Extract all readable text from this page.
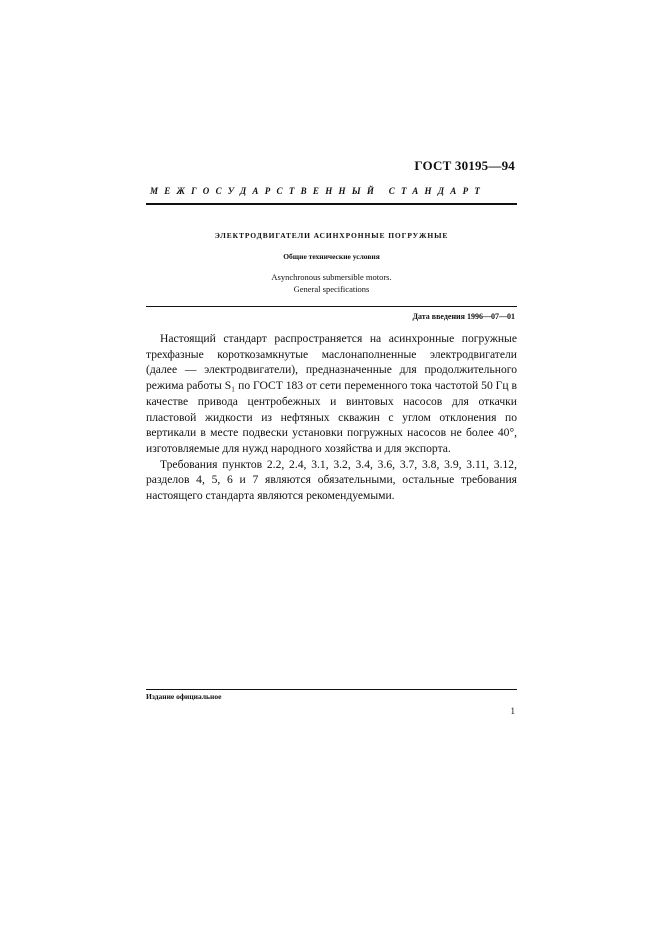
ГОСТ 30195—94
МЕЖГОСУДАРСТВЕННЫЙ СТАНДАРТ
ЭЛЕКТРОДВИГАТЕЛИ АСИНХРОННЫЕ ПОГРУЖНЫЕ
Общие технические условия
Asynchronous submersible motors.
General specifications
Дата введения 1996—07—01

Настоящий стандарт распространяется на асинхронные погружные трехфазные короткозамкнутые маслонаполненные электродвигатели (далее — электродвигатели), предназначенные для продолжительного режима работы S₁ по ГОСТ 183 от сети переменного тока частотой 50 Гц в качестве привода центробежных и винтовых насосов для откачки пластовой жидкости из нефтяных скважин с углом отклонения по вертикали в месте подвески установки погружных насосов не более 40°, изготовляемые для нужд народного хозяйства и для экспорта.

Требования пунктов 2.2, 2.4, 3.1, 3.2, 3.4, 3.6, 3.7, 3.8, 3.9, 3.11, 3.12, разделов 4, 5, 6 и 7 являются обязательными, остальные требования настоящего стандарта являются рекомендуемыми.

Издание официальное
1
